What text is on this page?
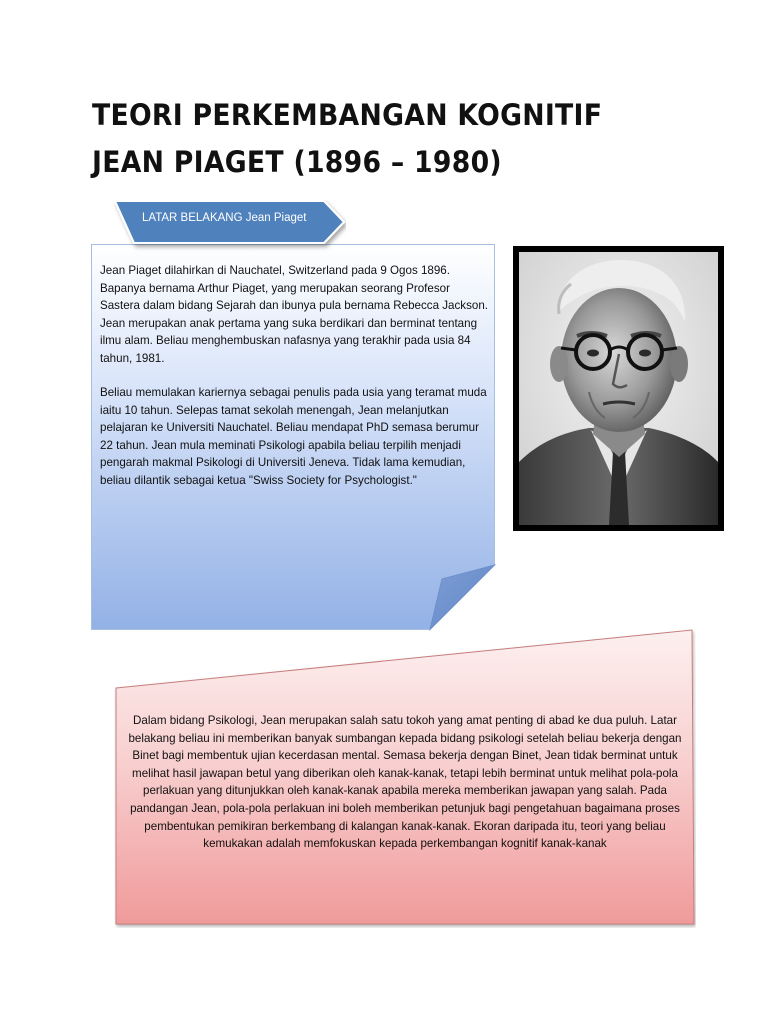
TEORI PERKEMBANGAN KOGNITIF
JEAN PIAGET (1896 – 1980)

Jean Piaget dilahirkan di Nauchatel, Switzerland pada 9 Ogos 1896. Bapanya bernama Arthur Piaget, yang merupakan seorang Profesor Sastera dalam bidang Sejarah dan ibunya pula bernama Rebecca Jackson. Jean merupakan anak pertama yang suka berdikari dan berminat tentang ilmu alam. Beliau menghembuskan nafasnya yang terakhir pada usia 84 tahun, 1981.

Beliau memulakan kariernya sebagai penulis pada usia yang teramat muda iaitu 10 tahun. Selepas tamat sekolah menengah, Jean melanjutkan pelajaran ke Universiti Nauchatel. Beliau mendapat PhD semasa berumur 22 tahun. Jean mula meminati Psikologi apabila beliau terpilih menjadi pengarah makmal Psikologi di Universiti Jeneva. Tidak lama kemudian, beliau dilantik sebagai ketua "Swiss Society for Psychologist."

LATAR BELAKANG Jean Piaget
Dalam bidang Psikologi, Jean merupakan salah satu tokoh yang amat penting di abad ke dua puluh. Latar belakang beliau ini memberikan banyak sumbangan kepada bidang psikologi setelah beliau bekerja dengan Binet bagi membentuk ujian kecerdasan mental. Semasa bekerja dengan Binet, Jean tidak berminat untuk melihat hasil jawapan betul yang diberikan oleh kanak-kanak, tetapi lebih berminat untuk melihat pola-pola perlakuan yang ditunjukkan oleh kanak-kanak apabila mereka memberikan jawapan yang salah. Pada pandangan Jean, pola-pola perlakuan ini boleh memberikan petunjuk bagi pengetahuan bagaimana proses pembentukan pemikiran berkembang di kalangan kanak-kanak. Ekoran daripada itu, teori yang beliau kemukakan adalah memfokuskan kepada perkembangan kognitif kanak-kanak
